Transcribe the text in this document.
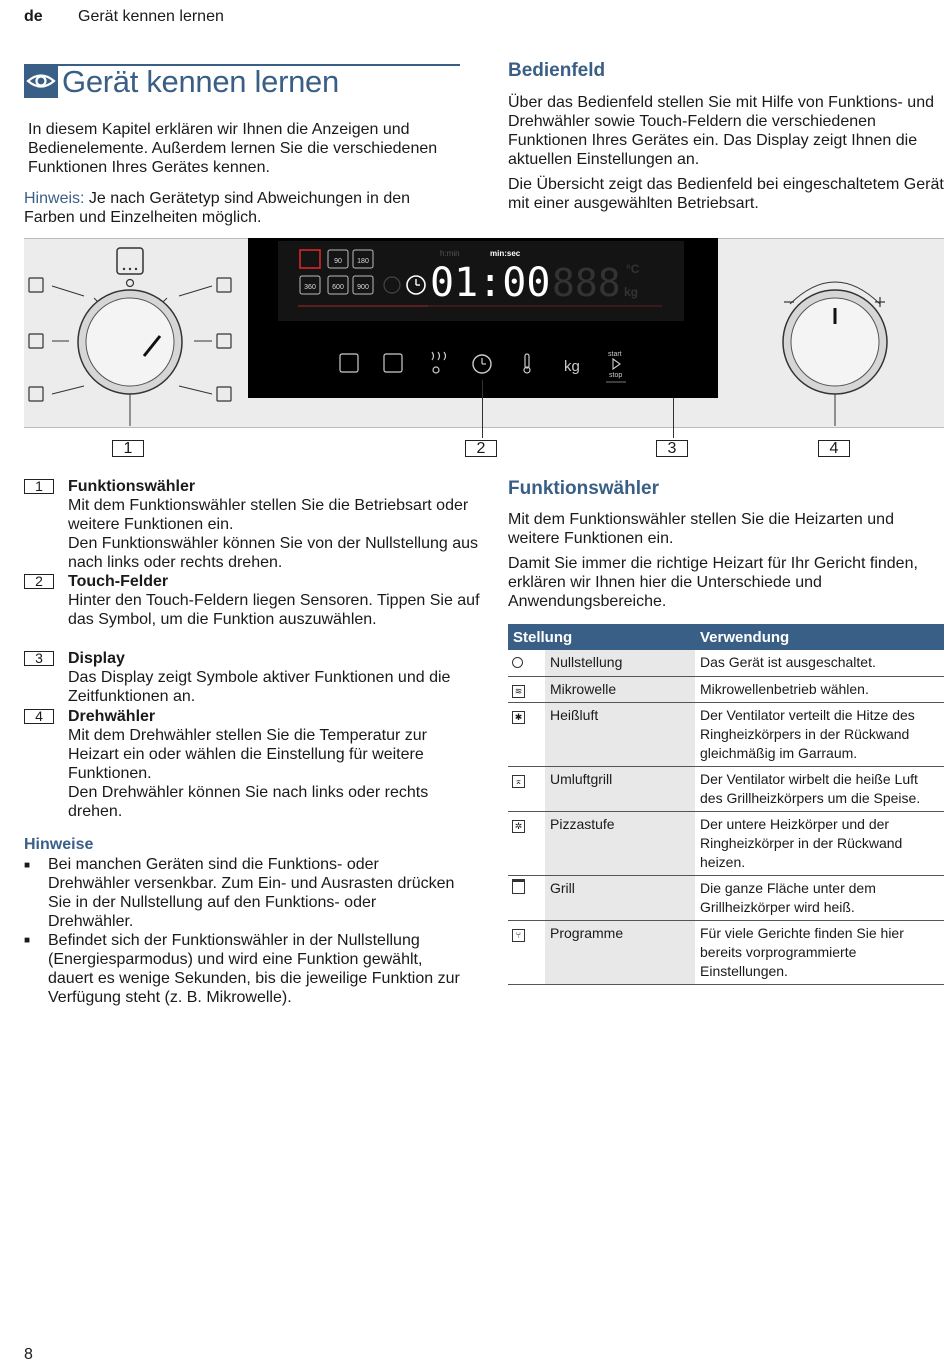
de Gerät kennen lernen
Gerät kennen lernen

In diesem Kapitel erklären wir Ihnen die Anzeigen und Bedienelemente. Außerdem lernen Sie die verschiedenen Funktionen Ihres Gerätes kennen.

Hinweis: Je nach Gerätetyp sind Abweichungen in den Farben und Einzelheiten möglich.

Bedienfeld

Über das Bedienfeld stellen Sie mit Hilfe von Funktions- und Drehwähler sowie Touch-Feldern die verschiedenen Funktionen Ihres Gerätes ein. Das Display zeigt Ihnen die aktuellen Einstellungen an.

Die Übersicht zeigt das Bedienfeld bei eingeschaltetem Gerät mit einer ausgewählten Betriebsart.

90 180
360 600 900
h:min	min:sec
01:00 888 °C
kg
kg
start
stop
1	2	3	4
1	Funktionswähler
Mit dem Funktionswähler stellen Sie die Betriebsart oder weitere Funktionen ein.
Den Funktionswähler können Sie von der Nullstellung aus nach links oder rechts drehen.
2	Touch-Felder
Hinter den Touch-Feldern liegen Sensoren. Tippen Sie auf das Symbol, um die Funktion auszuwählen.
3	Display
Das Display zeigt Symbole aktiver Funktionen und die Zeitfunktionen an.
4	Drehwähler
Mit dem Drehwähler stellen Sie die Temperatur zur Heizart ein oder wählen die Einstellung für weitere Funktionen.
Den Drehwähler können Sie nach links oder rechts drehen.
Hinweise
■ Bei manchen Geräten sind die Funktions- oder Drehwähler versenkbar. Zum Ein- und Ausrasten drücken Sie in der Nullstellung auf den Funktions- oder Drehwähler.
■ Befindet sich der Funktionswähler in der Nullstellung (Energiesparmodus) und wird eine Funktion gewählt, dauert es wenige Sekunden, bis die jeweilige Funktion zur Verfügung steht (z. B. Mikrowelle).
Funktionswähler

Mit dem Funktionswähler stellen Sie die Heizarten und weitere Funktionen ein.

Damit Sie immer die richtige Heizart für Ihr Gericht finden, erklären wir Ihnen hier die Unterschiede und Anwendungsbereiche.

Stellung		Verwendung
	Nullstellung	Das Gerät ist ausgeschaltet.
≋	Mikrowelle	Mikrowellenbetrieb wählen.
✱	Heißluft	Der Ventilator verteilt die Hitze des Ringheizkörpers in der Rückwand gleichmäßig im Garraum.
⌅	Umluftgrill	Der Ventilator wirbelt die heiße Luft des Grillheizkörpers um die Speise.
✲	Pizzastufe	Der untere Heizkörper und der Ringheizkörper in der Rückwand heizen.
	Grill	Die ganze Fläche unter dem Grillheizkörper wird heiß.
⑂	Programme	Für viele Gerichte finden Sie hier bereits vorprogrammierte Einstellungen.
8
